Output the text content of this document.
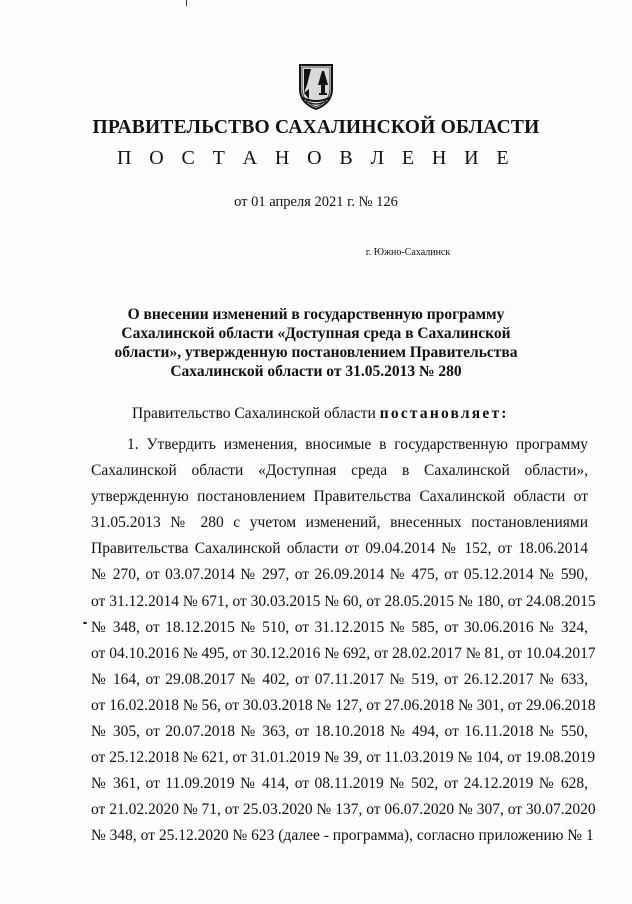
ПРАВИТЕЛЬСТВО САХАЛИНСКОЙ ОБЛАСТИ
П О С Т А Н О В Л Е Н И Е
от 01 апреля 2021 г. № 126
г. Южно-Сахалинск
О внесении изменений в государственную программу
Сахалинской области «Доступная среда в Сахалинской
области», утвержденную постановлением Правительства
Сахалинской области от 31.05.2013 № 280
Правительство Сахалинской области постановляет:
1. Утвердить изменения, вносимые в государственную программу
Сахалинской области «Доступная среда в Сахалинской области»,
утвержденную постановлением Правительства Сахалинской области от
31.05.2013 № 280 с учетом изменений, внесенных постановлениями
Правительства Сахалинской области от 09.04.2014 № 152, от 18.06.2014
№ 270, от 03.07.2014 № 297, от 26.09.2014 № 475, от 05.12.2014 № 590,
от 31.12.2014 № 671, от 30.03.2015 № 60, от 28.05.2015 № 180, от 24.08.2015
№ 348, от 18.12.2015 № 510, от 31.12.2015 № 585, от 30.06.2016 № 324,
от 04.10.2016 № 495, от 30.12.2016 № 692, от 28.02.2017 № 81, от 10.04.2017
№ 164, от 29.08.2017 № 402, от 07.11.2017 № 519, от 26.12.2017 № 633,
от 16.02.2018 № 56, от 30.03.2018 № 127, от 27.06.2018 № 301, от 29.06.2018
№ 305, от 20.07.2018 № 363, от 18.10.2018 № 494, от 16.11.2018 № 550,
от 25.12.2018 № 621, от 31.01.2019 № 39, от 11.03.2019 № 104, от 19.08.2019
№ 361, от 11.09.2019 № 414, от 08.11.2019 № 502, от 24.12.2019 № 628,
от 21.02.2020 № 71, от 25.03.2020 № 137, от 06.07.2020 № 307, от 30.07.2020
№ 348, от 25.12.2020 № 623 (далее - программа), согласно приложению № 1
